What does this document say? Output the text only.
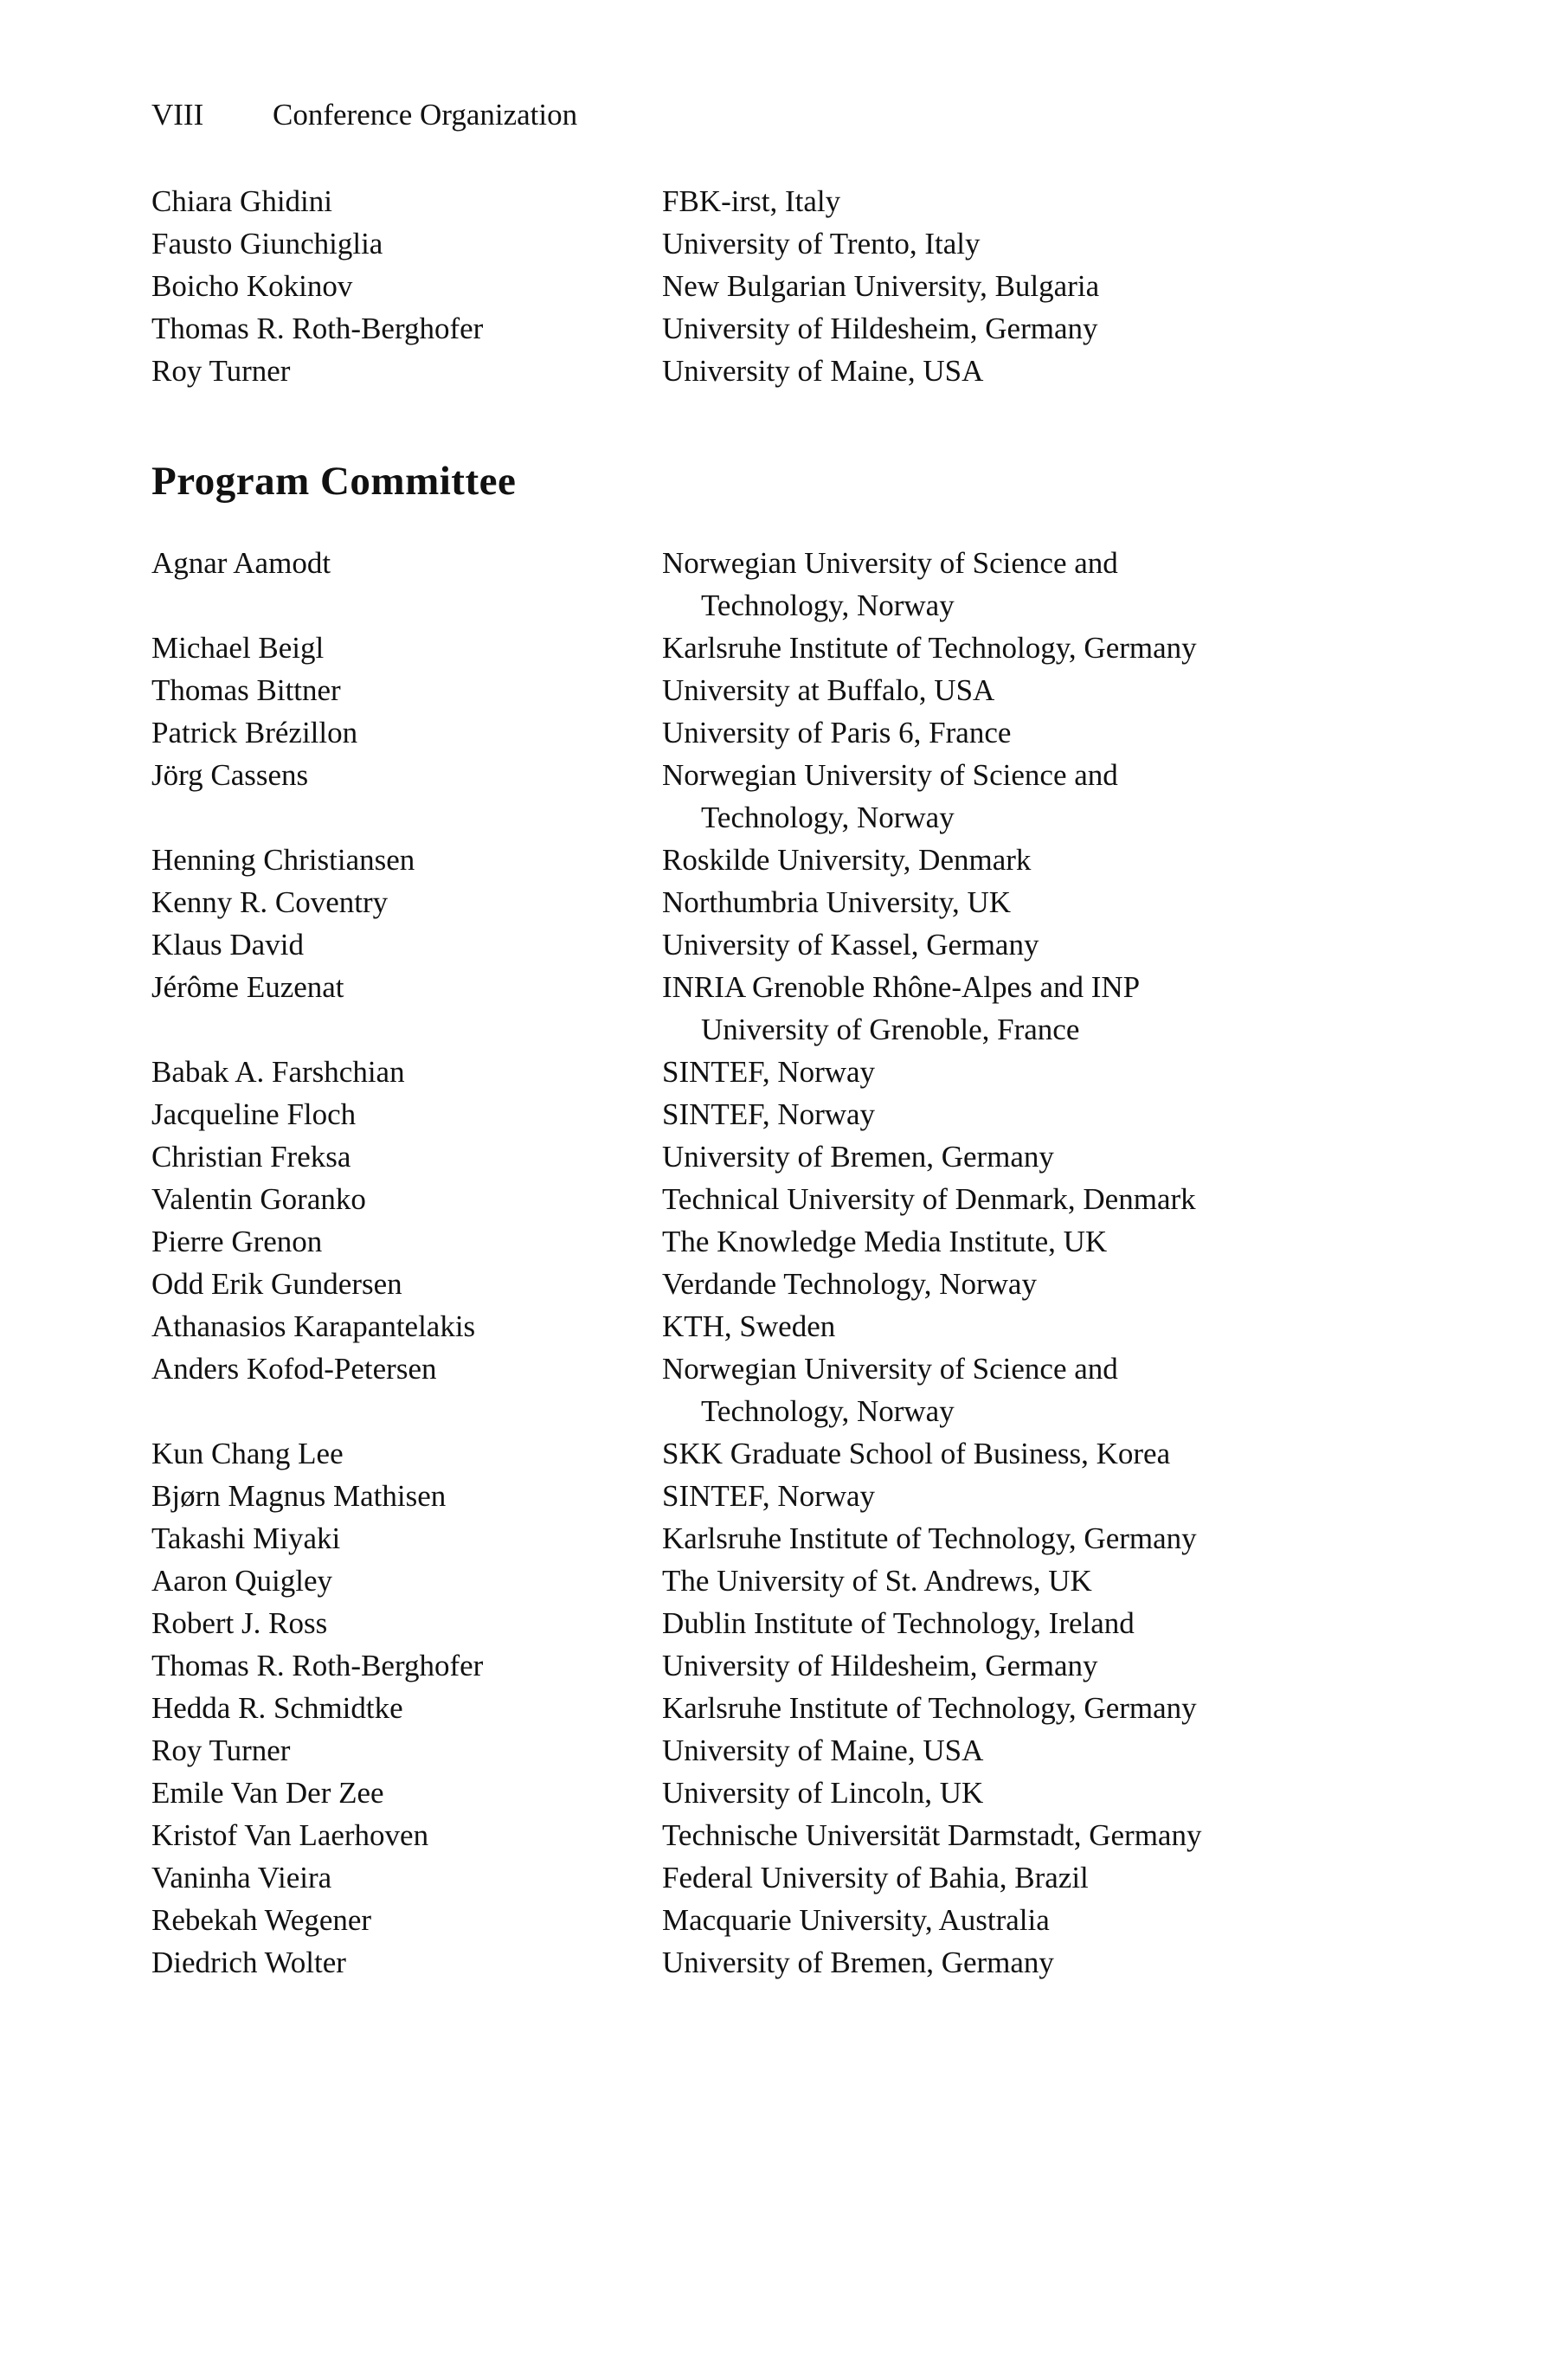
VIII Conference Organization
Chiara Ghidini	FBK-irst, Italy
Fausto Giunchiglia	University of Trento, Italy
Boicho Kokinov	New Bulgarian University, Bulgaria
Thomas R. Roth-Berghofer	University of Hildesheim, Germany
Roy Turner	University of Maine, USA
Program Committee
Agnar Aamodt	Norwegian University of Science and
Technology, Norway
Michael Beigl	Karlsruhe Institute of Technology, Germany
Thomas Bittner	University at Buffalo, USA
Patrick Brézillon	University of Paris 6, France
Jörg Cassens	Norwegian University of Science and
Technology, Norway
Henning Christiansen	Roskilde University, Denmark
Kenny R. Coventry	Northumbria University, UK
Klaus David	University of Kassel, Germany
Jérôme Euzenat	INRIA Grenoble Rhône-Alpes and INP
University of Grenoble, France
Babak A. Farshchian	SINTEF, Norway
Jacqueline Floch	SINTEF, Norway
Christian Freksa	University of Bremen, Germany
Valentin Goranko	Technical University of Denmark, Denmark
Pierre Grenon	The Knowledge Media Institute, UK
Odd Erik Gundersen	Verdande Technology, Norway
Athanasios Karapantelakis	KTH, Sweden
Anders Kofod-Petersen	Norwegian University of Science and
Technology, Norway
Kun Chang Lee	SKK Graduate School of Business, Korea
Bjørn Magnus Mathisen	SINTEF, Norway
Takashi Miyaki	Karlsruhe Institute of Technology, Germany
Aaron Quigley	The University of St. Andrews, UK
Robert J. Ross	Dublin Institute of Technology, Ireland
Thomas R. Roth-Berghofer	University of Hildesheim, Germany
Hedda R. Schmidtke	Karlsruhe Institute of Technology, Germany
Roy Turner	University of Maine, USA
Emile Van Der Zee	University of Lincoln, UK
Kristof Van Laerhoven	Technische Universität Darmstadt, Germany
Vaninha Vieira	Federal University of Bahia, Brazil
Rebekah Wegener	Macquarie University, Australia
Diedrich Wolter	University of Bremen, Germany
